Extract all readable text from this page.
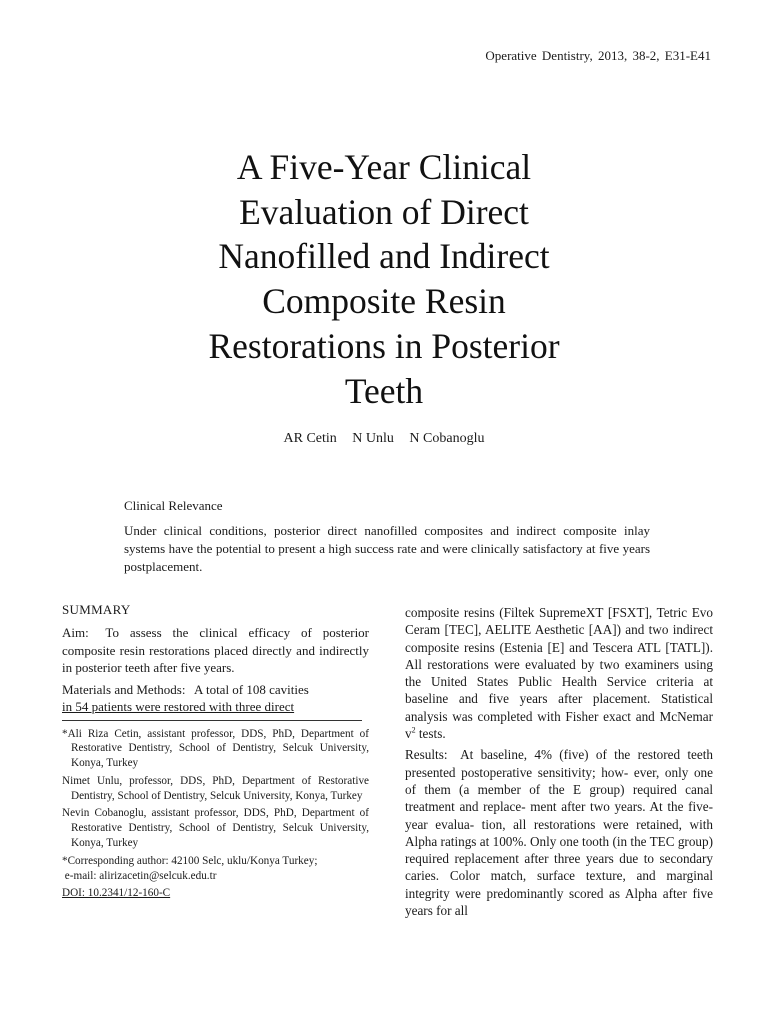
Operative Dentistry, 2013, 38-2, E31-E41
A Five-Year Clinical
Evaluation of Direct
Nanofilled and Indirect
Composite Resin
Restorations in Posterior
Teeth
AR Cetin N Unlu N Cobanoglu
Clinical Relevance
Under clinical conditions, posterior direct nanofilled composites and indirect composite inlay systems have the potential to present a high success rate and were clinically satisfactory at five years postplacement.
SUMMARY

Aim: To assess the clinical efficacy of posterior composite resin restorations placed directly and indirectly in posterior teeth after five years.

Materials and Methods: A total of 108 cavities
in 54 patients were restored with three direct

*Ali Riza Cetin, assistant professor, DDS, PhD, Department of Restorative Dentistry, School of Dentistry, Selcuk University, Konya, Turkey

Nimet Unlu, professor, DDS, PhD, Department of Restorative Dentistry, School of Dentistry, Selcuk University, Konya, Turkey

Nevin Cobanoglu, assistant professor, DDS, PhD, Department of Restorative Dentistry, School of Dentistry, Selcuk University, Konya, Turkey

*Corresponding author: 42100 Selc, uklu/Konya Turkey;
e-mail: alirizacetin@selcuk.edu.tr

DOI: 10.2341/12-160-C

composite resins (Filtek SupremeXT [FSXT], Tetric Evo Ceram [TEC], AELITE Aesthetic [AA]) and two indirect composite resins (Estenia [E] and Tescera ATL [TATL]). All restorations were evaluated by two examiners using the United States Public Health Service criteria at baseline and five years after placement. Statistical analysis was completed with Fisher exact and McNemar $v^2$ tests.

Results: At baseline, 4% (five) of the restored teeth presented postoperative sensitivity; how- ever, only one of them (a member of the E group) required canal treatment and replace- ment after two years. At the five-year evalua- tion, all restorations were retained, with Alpha ratings at 100%. Only one tooth (in the TEC group) required replacement after three years due to secondary caries. Color match, surface texture, and marginal integrity were predominantly scored as Alpha after five years for all
